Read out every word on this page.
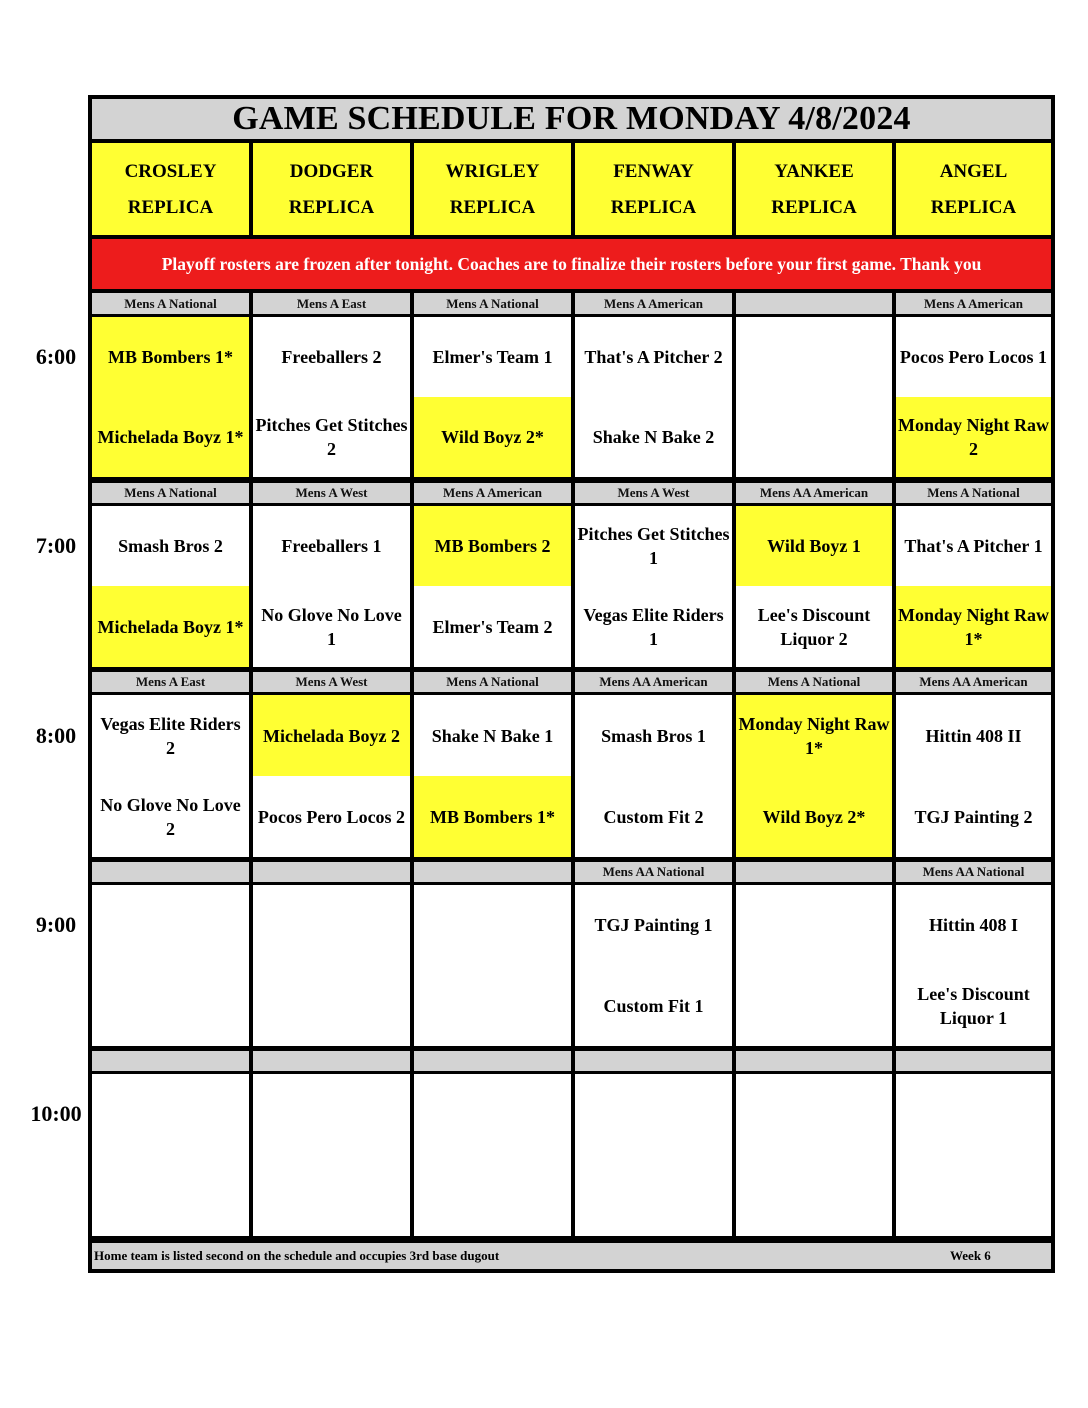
GAME SCHEDULE FOR MONDAY 4/8/2024
CROSLEY
REPLICA
DODGER
REPLICA
WRIGLEY
REPLICA
FENWAY
REPLICA
YANKEE
REPLICA
ANGEL
REPLICA
Playoff rosters are frozen after tonight. Coaches are to finalize their rosters before your first game. Thank you
6:00
Mens A National
MB Bombers 1*
Michelada Boyz 1*
Mens A East
Freeballers 2
Pitches Get Stitches 2
Mens A National
Elmer's Team 1
Wild Boyz 2*
Mens A American
That's A Pitcher 2
Shake N Bake 2
Mens A American
Pocos Pero Locos 1
Monday Night Raw 2
7:00
Mens A National
Smash Bros 2
Michelada Boyz 1*
Mens A West
Freeballers 1
No Glove No Love 1
Mens A American
MB Bombers 2
Elmer's Team 2
Mens A West
Pitches Get Stitches 1
Vegas Elite Riders 1
Mens AA American
Wild Boyz 1
Lee's Discount Liquor 2
Mens A National
That's A Pitcher 1
Monday Night Raw 1*
8:00
Mens A East
Vegas Elite Riders 2
No Glove No Love 2
Mens A West
Michelada Boyz 2
Pocos Pero Locos 2
Mens A National
Shake N Bake 1
MB Bombers 1*
Mens AA American
Smash Bros 1
Custom Fit 2
Mens A National
Monday Night Raw 1*
Wild Boyz 2*
Mens AA American
Hittin 408 II
TGJ Painting 2
9:00
Mens AA National
TGJ Painting 1
Custom Fit 1
Mens AA National
Hittin 408 I
Lee's Discount Liquor 1
10:00
Home team is listed second on the schedule and occupies 3rd base dugout	Week 6
